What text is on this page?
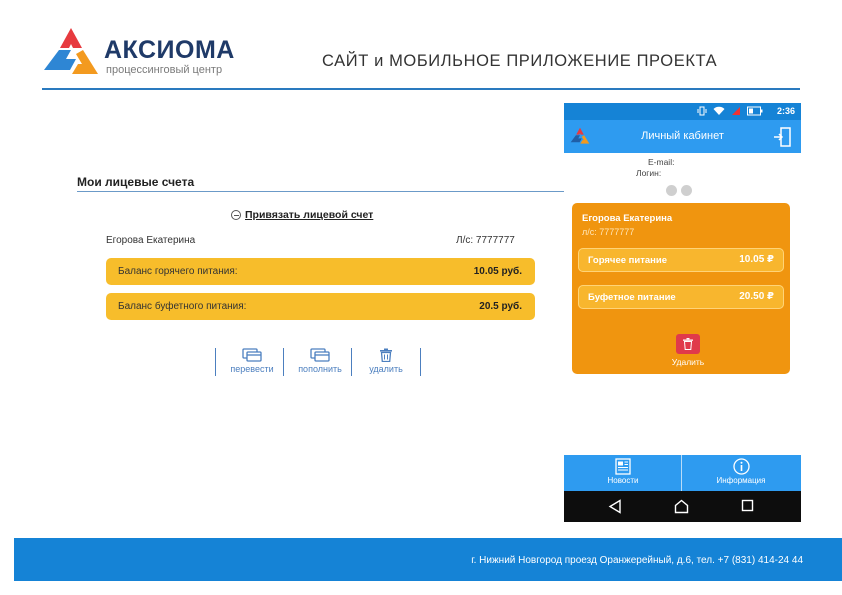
АКСИОМА
процессинговый центр	САЙТ и МОБИЛЬНОЕ ПРИЛОЖЕНИЕ ПРОЕКТА
Мои лицевые счета
Привязать лицевой счет
Егорова Екатерина	Л/с: 7777777
Баланс горячего питания:	10.05 руб.
Баланс буфетного питания:	20.5 руб.
перевести	пополнить	удалить
2:36
Личный кабинет
E-mail:
Логин:
Егорова Екатерина
л/с: 7777777
Горячее питание	10.05 ₽
Буфетное питание	20.50 ₽
Удалить
Новости	Информация
г. Нижний Новгород проезд Оранжерейный, д.6, тел. +7 (831) 414-24 44
